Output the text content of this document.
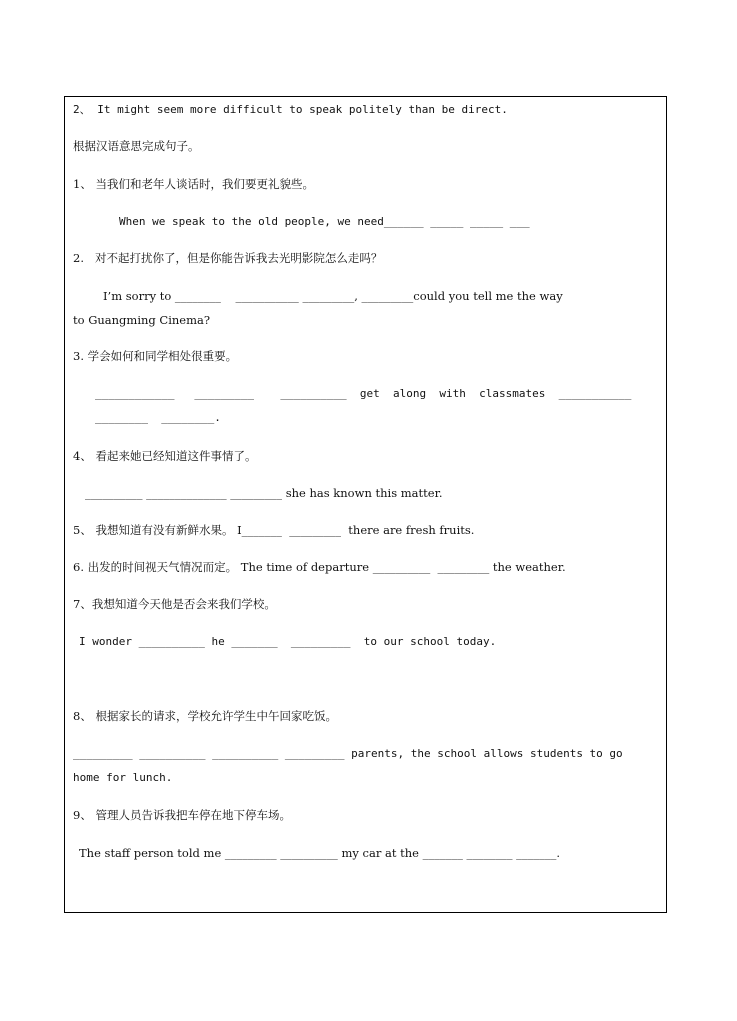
2、 It might seem more difficult to speak politely than be direct.
根据汉语意思完成句子。
1、 当我们和老年人谈话时，我们要更礼貌些。
When we speak to the old people, we need______ _____ _____ ___
2.   对不起打扰你了，但是你能告诉我去光明影院怎么走吗？
I’m sorry to ________    ___________ _________, _________could you tell me the way
to Guangming Cinema?
3. 学会如何和同学相处很重要。
____________   _________    __________  get  along  with  classmates  ___________
________  ________.
4、 看起来她已经知道这件事情了。
__________ ______________ _________ she has known this matter.
5、 我想知道有没有新鲜水果。 I_______  _________  there are fresh fruits.
6. 出发的时间视天气情况而定。 The time of departure __________  _________ the weather.
7、我想知道今天他是否会来我们学校。
I wonder __________ he _______  _________  to our school today.
8、 根据家长的请求，学校允许学生中午回家吃饭。
_________ __________ __________ _________ parents, the school allows students to go
home for lunch.
9、 管理人员告诉我把车停在地下停车场。
The staff person told me _________ __________ my car at the _______ ________ _______.
